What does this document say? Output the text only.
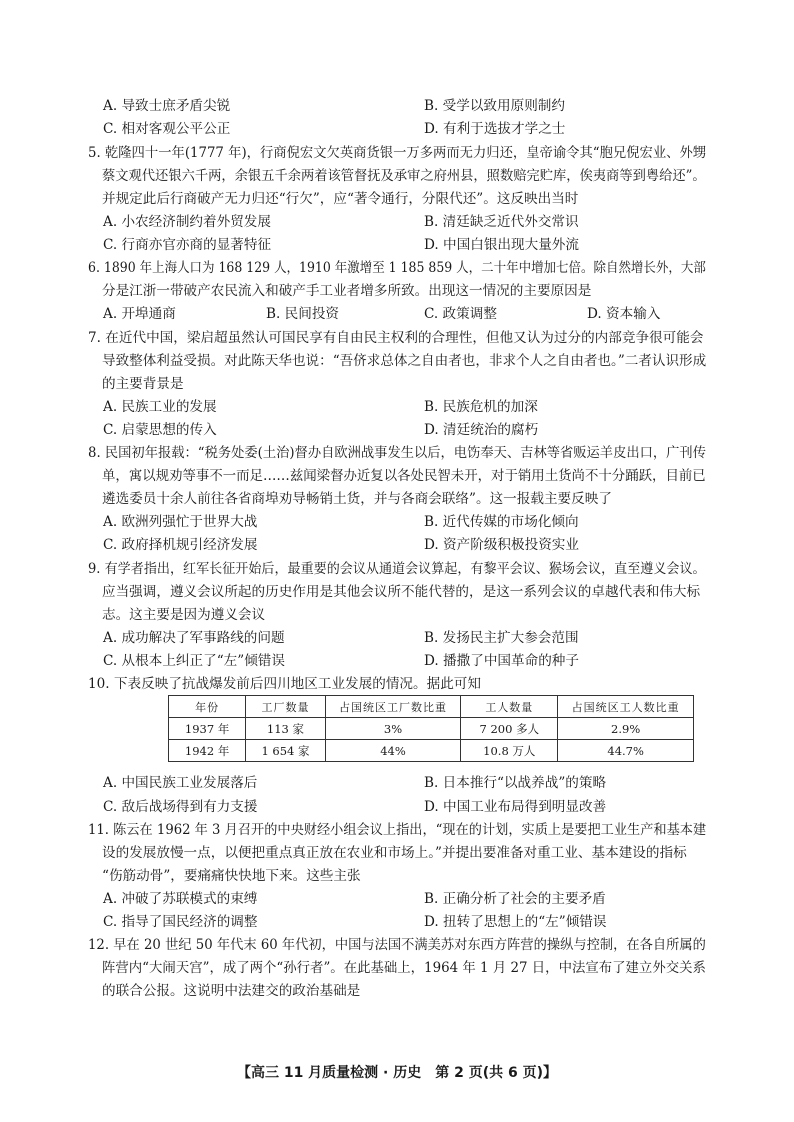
A. 导致士庶矛盾尖锐	B. 受学以致用原则制约
C. 相对客观公平公正	D. 有利于选拔才学之士
5. 乾隆四十一年(1777 年)，行商倪宏文欠英商货银一万多两而无力归还，皇帝谕令其“胞兄倪宏业、外甥
蔡文观代还银六千两，余银五千余两着该管督抚及承审之府州县，照数赔完贮库，俟夷商等到粤给还”。
并规定此后行商破产无力归还“行欠”，应“著令通行，分限代还”。这反映出当时
A. 小农经济制约着外贸发展	B. 清廷缺乏近代外交常识
C. 行商亦官亦商的显著特征	D. 中国白银出现大量外流
6. 1890 年上海人口为 168 129 人，1910 年激增至 1 185 859 人，二十年中增加七倍。除自然增长外，大部
分是江浙一带破产农民流入和破产手工业者增多所致。出现这一情况的主要原因是
A. 开埠通商	B. 民间投资	C. 政策调整	D. 资本输入
7. 在近代中国，梁启超虽然认可国民享有自由民主权利的合理性，但他又认为过分的内部竞争很可能会
导致整体利益受损。对此陈天华也说：“吾侪求总体之自由者也，非求个人之自由者也。”二者认识形成
的主要背景是
A. 民族工业的发展	B. 民族危机的加深
C. 启蒙思想的传入	D. 清廷统治的腐朽
8. 民国初年报载：“税务处委(土治)督办自欧洲战事发生以后，电饬奉天、吉林等省贩运羊皮出口，广刊传
单，寓以规劝等事不一而足……兹闻梁督办近复以各处民智未开，对于销用土货尚不十分踊跃，目前已
遴选委员十余人前往各省商埠劝导畅销土货，并与各商会联络”。这一报载主要反映了
A. 欧洲列强忙于世界大战	B. 近代传媒的市场化倾向
C. 政府择机规引经济发展	D. 资产阶级积极投资实业
9. 有学者指出，红军长征开始后，最重要的会议从通道会议算起，有黎平会议、猴场会议，直至遵义会议。
应当强调，遵义会议所起的历史作用是其他会议所不能代替的，是这一系列会议的卓越代表和伟大标
志。这主要是因为遵义会议
A. 成功解决了军事路线的问题	B. 发扬民主扩大参会范围
C. 从根本上纠正了“左”倾错误	D. 播撒了中国革命的种子
10. 下表反映了抗战爆发前后四川地区工业发展的情况。据此可知
年份	工厂数量	占国统区工厂数比重	工人数量	占国统区工人数比重
1937 年	113 家	3%	7 200 多人	2.9%
1942 年	1 654 家	44%	10.8 万人	44.7%
A. 中国民族工业发展落后	B. 日本推行“以战养战”的策略
C. 敌后战场得到有力支援	D. 中国工业布局得到明显改善
11. 陈云在 1962 年 3 月召开的中央财经小组会议上指出，“现在的计划，实质上是要把工业生产和基本建
设的发展放慢一点，以便把重点真正放在农业和市场上。”并提出要准备对重工业、基本建设的指标
“伤筋动骨”，要痛痛快快地下来。这些主张
A. 冲破了苏联模式的束缚	B. 正确分析了社会的主要矛盾
C. 指导了国民经济的调整	D. 扭转了思想上的“左”倾错误
12. 早在 20 世纪 50 年代末 60 年代初，中国与法国不满美苏对东西方阵营的操纵与控制，在各自所属的
阵营内“大闹天宫”，成了两个“孙行者”。在此基础上，1964 年 1 月 27 日，中法宣布了建立外交关系
的联合公报。这说明中法建交的政治基础是
【高三 11 月质量检测 · 历史　第 2 页(共 6 页)】
